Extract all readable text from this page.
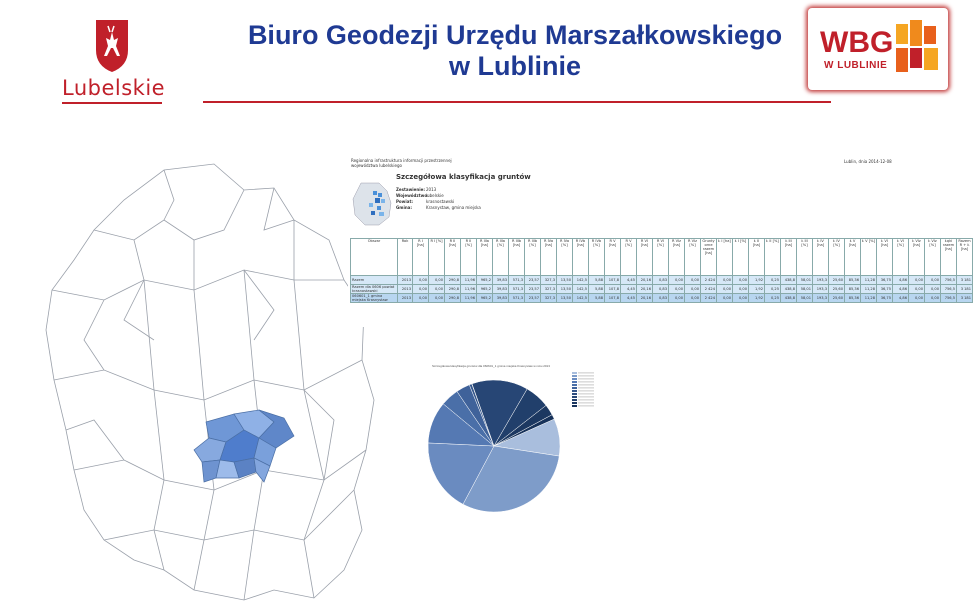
Lubelskie
Biuro Geodezji Urzędu Marszałkowskiego
w Lublinie
WBG
W LUBLINIE
Regionalna infrastruktura informacji przestrzennej
województwa lubelskiego
Lublin, dnia 2014-12-08
Szczegółowa klasyfikacja gruntów
Zestawienie:2013
Województwo:lubelskie
Powiat:	krasnostawski
Gmina:	Krasnystaw, gmina miejska
Obszar	Rok	R I [ha]	R I [%]	R II [ha]	R II [%]	R IIIa [ha]	R IIIa [%]	R IIIb [ha]	R IIIb [%]	R IVa [ha]	R IVa [%]	R IVb [ha]	R IVb [%]	R V [ha]	R V [%]	R VI [ha]	R VI [%]	R VIz [ha]	R VIz [%]	Grunty orne razem [ha]	Ł I [ha]	Ł I [%]	Ł II [ha]	Ł II [%]	Ł III [ha]	Ł III [%]	Ł IV [ha]	Ł IV [%]	Ł V [ha]	Ł V [%]	Ł VI [ha]	Ł VI [%]	Ł VIz [ha]	Ł VIz [%]	Łąki razem [ha]	Razem R + Ł [ha]
Razem	2013	0,00	0,00	290,8	11,96	965,2	39,83	571,3	23,57	327,3	13,50	142,5	5,88	107,8	4,45	20,16	0,83	0,00	0,00	2 424	0,00	0,00	1,92	0,25	438,8	58,01	193,3	25,60	85,36	11,28	36,75	4,86	0,00	0,00	756,5	3 181
Razem dla 0606 powiat krasnostawski	2013	0,00	0,00	290,8	11,96	965,2	39,83	571,3	23,57	327,3	13,50	142,5	5,88	107,8	4,45	20,16	0,83	0,00	0,00	2 424	0,00	0,00	1,92	0,25	438,8	58,01	193,3	25,60	85,36	11,28	36,75	4,86	0,00	0,00	756,5	3 181
060601_1 gmina miejska Krasnystaw	2013	0,00	0,00	290,8	11,96	965,2	39,83	571,3	23,57	327,3	13,50	142,5	5,88	107,8	4,45	20,16	0,83	0,00	0,00	2 424	0,00	0,00	1,92	0,25	438,8	58,01	193,3	25,60	85,36	11,28	36,75	4,86	0,00	0,00	756,5	3 181
Szczegółowa klasyfikacja gruntów dla 060601_1 gmina miejska Krasnystaw w roku 2013
